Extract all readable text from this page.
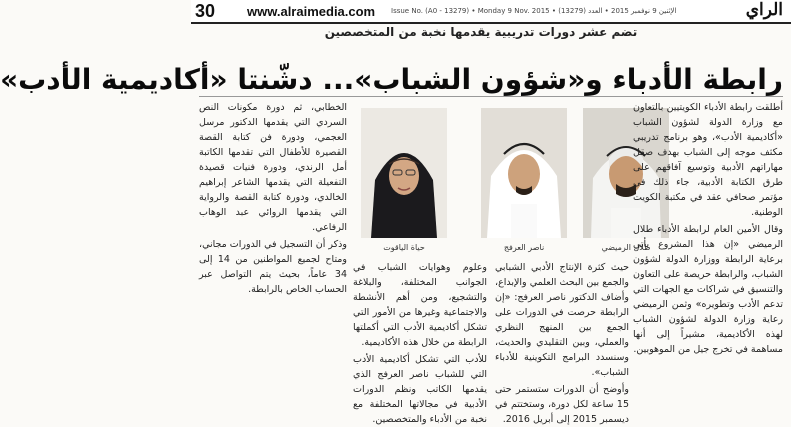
30 www.alraimedia.com Issue No. (A0 - 13279) • Monday 9 Nov. 2015 • الإثنين 9 نوفمبر 2015 • العدد (13279)	الراي
تضم عشر دورات تدريبية يقدمها نخبة من المتخصصين
رابطة الأدباء و«شؤون الشباب»... دشّنتا «أكاديمية الأدب»
طلال الرميضي
ناصر العرفج
حياة الياقوت

أطلقت رابطة الأدباء الكويتيين بالتعاون مع وزارة الدولة لشؤون الشباب «أكاديمية الأدب»، وهو برنامج تدريبي مكثف موجه إلى الشباب بهدف صقل مهاراتهم الأدبية وتوسيع آفاقهم على طرق الكتابة الأدبية، جاء ذلك في مؤتمر صحافي عقد في مكتبة الكويت الوطنية.

وقال الأمين العام لرابطة الأدباء طلال الرميضي «إن هذا المشروع يأتي برعاية الرابطة ووزارة الدولة لشؤون الشباب، والرابطة حريصة على التعاون والتنسيق في شراكات مع الجهات التي تدعم الأدب وتطويره» وثمن الرميضي رعاية وزارة الدولة لشؤون الشباب لهذه الأكاديمية، مشيراً إلى أنها مساهمة في تخرج جيل من الموهوبين.

الخطابي، ثم دورة مكونات النص السردي التي يقدمها الدكتور مرسل العجمي، ودورة فن كتابة القصة القصيرة للأطفال التي تقدمها الكاتبة أمل الرندي، ودورة فنيات قصيدة التفعيلة التي يقدمها الشاعر إبراهيم الخالدي، ودورة كتابة القصة والرواية التي يقدمها الروائي عبد الوهاب الرفاعي.

وذكر أن التسجيل في الدورات مجاني، ومتاح لجميع المواطنين من 14 إلى 34 عاماً، بحيث يتم التواصل عبر الحساب الخاص بالرابطة.

حيث كثرة الإنتاج الأدبي الشبابي والجمع بين البحث العلمي والإبداع، وأضاف الدكتور ناصر العرفج: «إن الرابطة حرصت في الدورات على الجمع بين المنهج النظري والعملي، وبين التقليدي والحديث، وسنسدد البرامج التكوينية للأدباء الشباب».

وأوضح أن الدورات ستستمر حتى 15 ساعة لكل دورة، وستختتم في ديسمبر 2015 إلى أبريل 2016.

وعلوم وهوايات الشباب في الجوانب المختلفة، والبلاغة والتشجيع، ومن أهم الأنشطة والاجتماعية وغيرها من الأمور التي تشكل أكاديمية الأدب التي أكملتها الرابطة من خلال هذه الأكاديمية.

للأدب التي تشكل أكاديمية الأدب التي للشباب ناصر العرفج الذي يقدمها الكاتب ونظم الدورات الأدبية في مجالاتها المختلفة مع نخبة من الأدباء والمتخصصين.
